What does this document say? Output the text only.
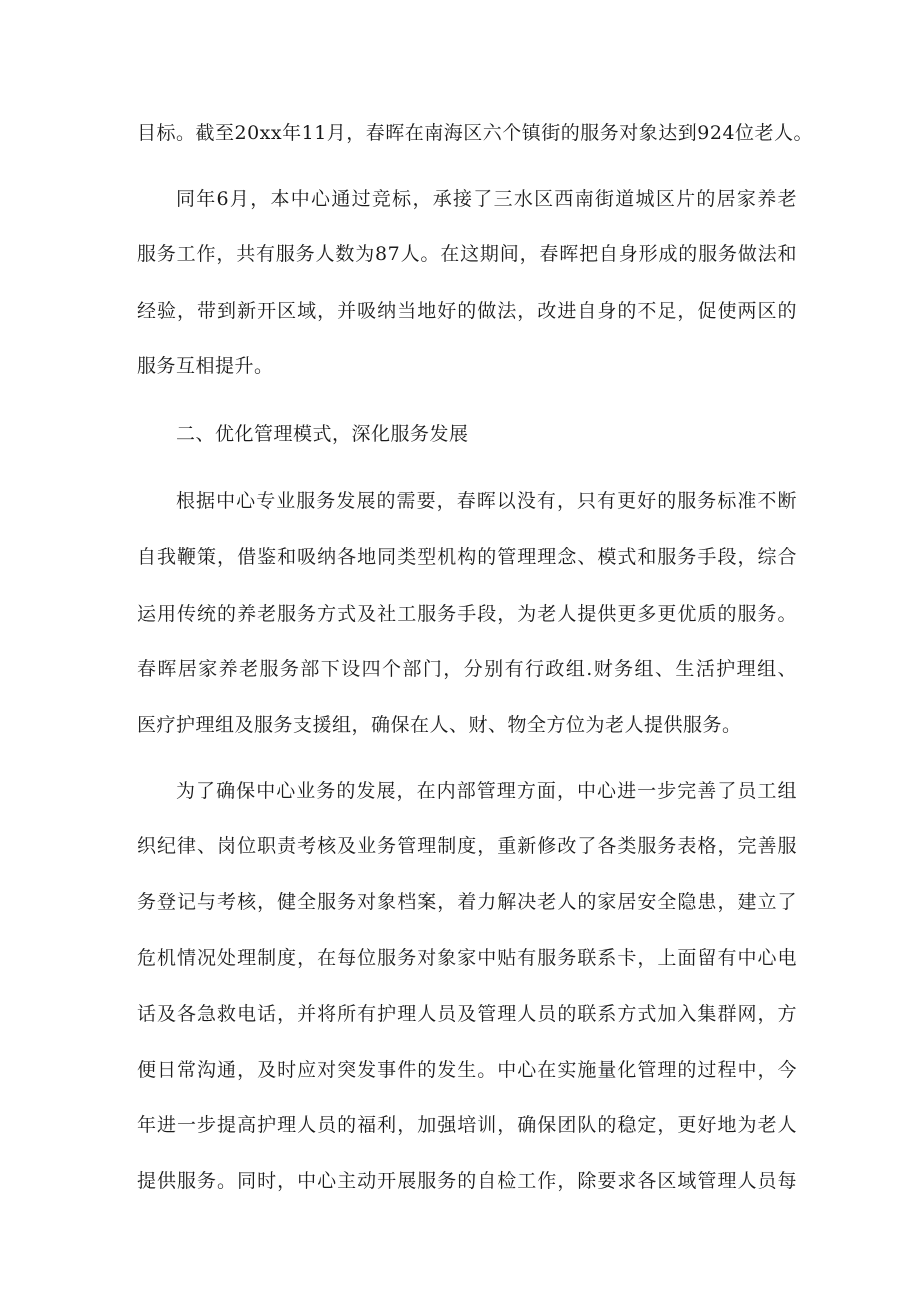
目标。截至20xx年11月，春晖在南海区六个镇街的服务对象达到924位老人。
同年6月，本中心通过竞标，承接了三水区西南街道城区片的居家养老
服务工作，共有服务人数为87人。在这期间，春晖把自身形成的服务做法和
经验，带到新开区域，并吸纳当地好的做法，改进自身的不足，促使两区的
服务互相提升。
二、优化管理模式，深化服务发展
根据中心专业服务发展的需要，春晖以没有，只有更好的服务标准不断
自我鞭策，借鉴和吸纳各地同类型机构的管理理念、模式和服务手段，综合
运用传统的养老服务方式及社工服务手段，为老人提供更多更优质的服务。
春晖居家养老服务部下设四个部门，分别有行政组.财务组、生活护理组、
医疗护理组及服务支援组，确保在人、财、物全方位为老人提供服务。
为了确保中心业务的发展，在内部管理方面，中心进一步完善了员工组
织纪律、岗位职责考核及业务管理制度，重新修改了各类服务表格，完善服
务登记与考核，健全服务对象档案，着力解决老人的家居安全隐患，建立了
危机情况处理制度，在每位服务对象家中贴有服务联系卡，上面留有中心电
话及各急救电话，并将所有护理人员及管理人员的联系方式加入集群网，方
便日常沟通，及时应对突发事件的发生。中心在实施量化管理的过程中，今
年进一步提高护理人员的福利，加强培训，确保团队的稳定，更好地为老人
提供服务。同时，中心主动开展服务的自检工作，除要求各区域管理人员每
